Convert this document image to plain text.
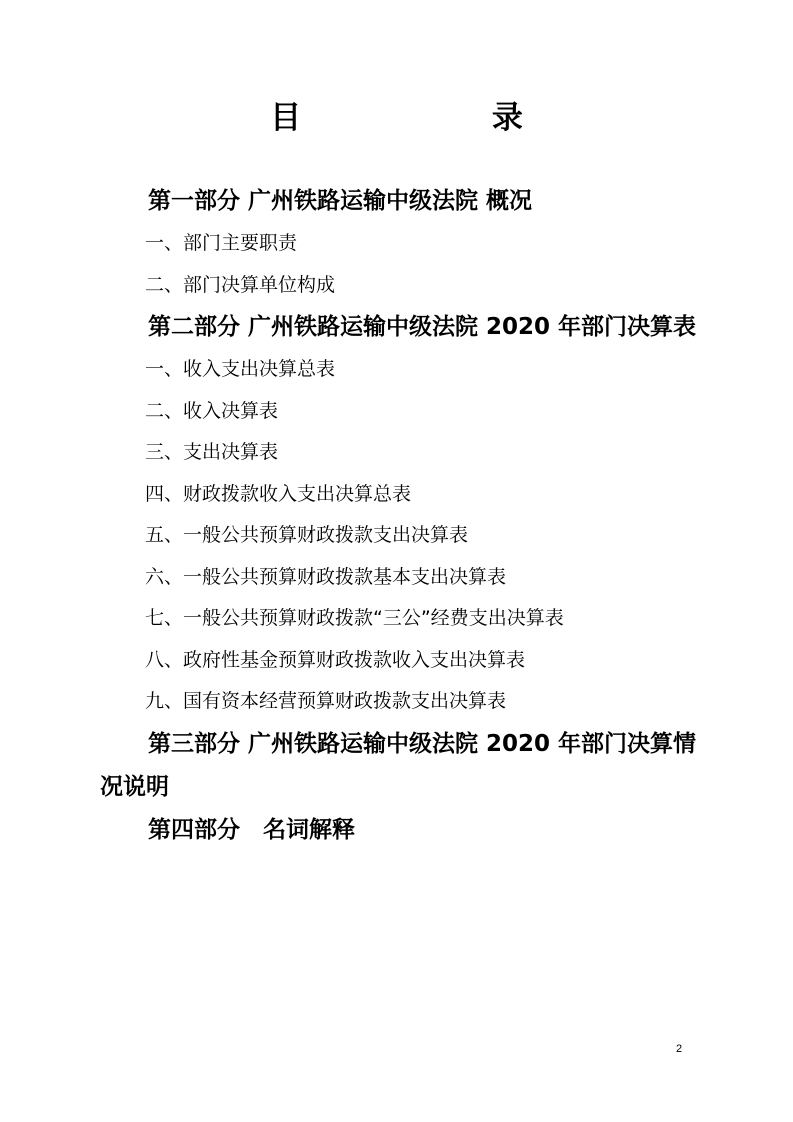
目 录

第一部分 广州铁路运输中级法院 概况

一、部门主要职责

二、部门决算单位构成

第二部分 广州铁路运输中级法院 2020 年部门决算表

一、收入支出决算总表

二、收入决算表

三、支出决算表

四、财政拨款收入支出决算总表

五、一般公共预算财政拨款支出决算表

六、一般公共预算财政拨款基本支出决算表

七、一般公共预算财政拨款“三公”经费支出决算表

八、政府性基金预算财政拨款收入支出决算表

九、国有资本经营预算财政拨款支出决算表

第三部分 广州铁路运输中级法院 2020 年部门决算情况说明

第四部分　名词解释

2
